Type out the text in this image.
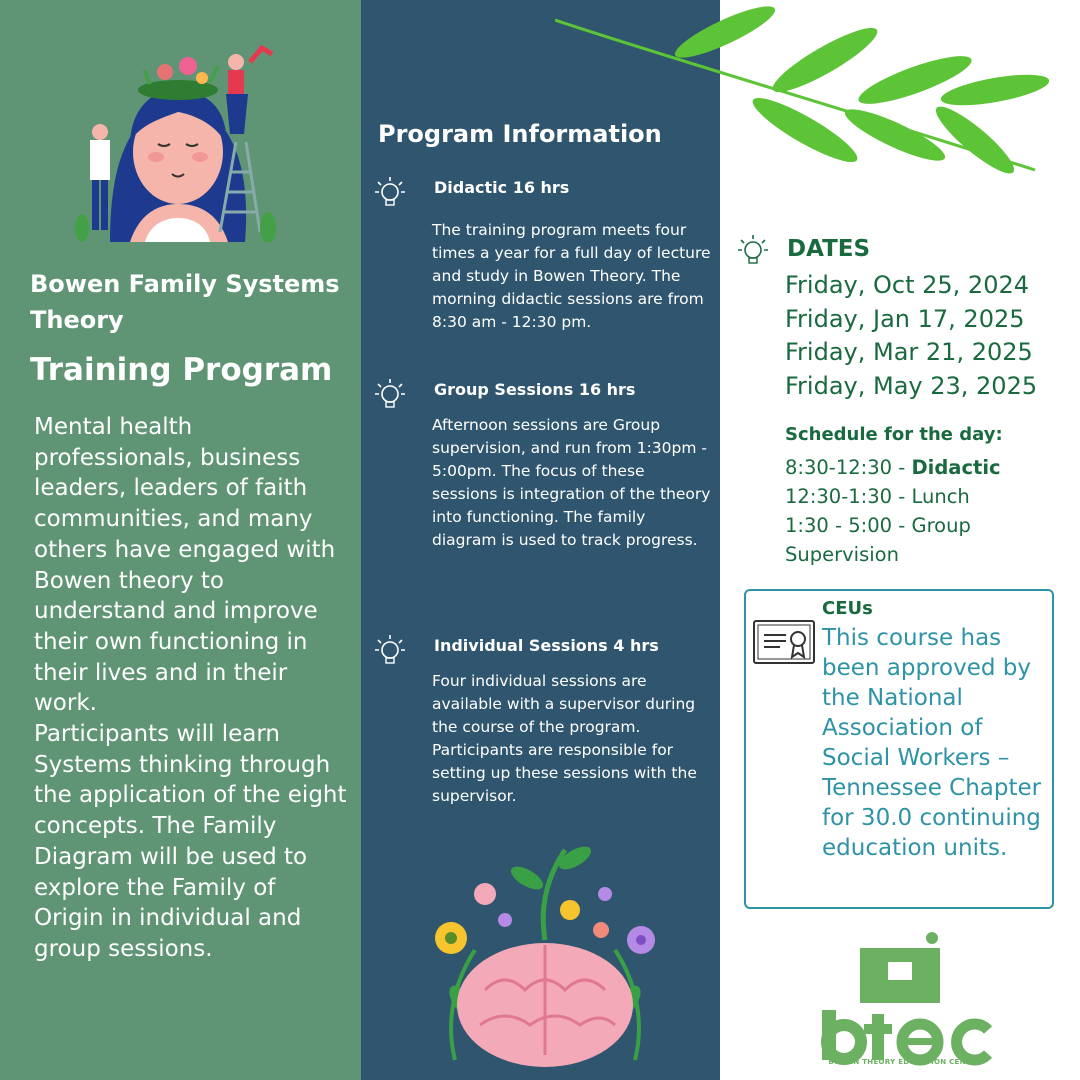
Bowen Family Systems Theory
Training Program

Mental health professionals, business leaders, leaders of faith communities, and many others have engaged with Bowen theory to understand and improve their own functioning in their lives and in their work.

Participants will learn Systems thinking through the application of the eight concepts. The Family Diagram will be used to explore the Family of Origin in individual and group sessions.

Program Information
Didactic 16 hrs
The training program meets four times a year for a full day of lecture and study in Bowen Theory. The morning didactic sessions are from 8:30 am - 12:30 pm.
Group Sessions 16 hrs
Afternoon sessions are Group supervision, and run from 1:30pm - 5:00pm. The focus of these sessions is integration of the theory into functioning. The family diagram is used to track progress.
Individual Sessions 4 hrs
Four individual sessions are available with a supervisor during the course of the program. Participants are responsible for setting up these sessions with the supervisor.
DATES
Friday, Oct 25, 2024
Friday, Jan 17, 2025
Friday, Mar 21, 2025
Friday, May 23, 2025
Schedule for the day:
8:30-12:30 - Didactic
12:30-1:30 - Lunch
1:30 - 5:00 - Group Supervision
CEUs
This course has been approved by the National Association of Social Workers – Tennessee Chapter for 30.0 continuing education units.
BOWEN THEORY EDUCATION CENTER
